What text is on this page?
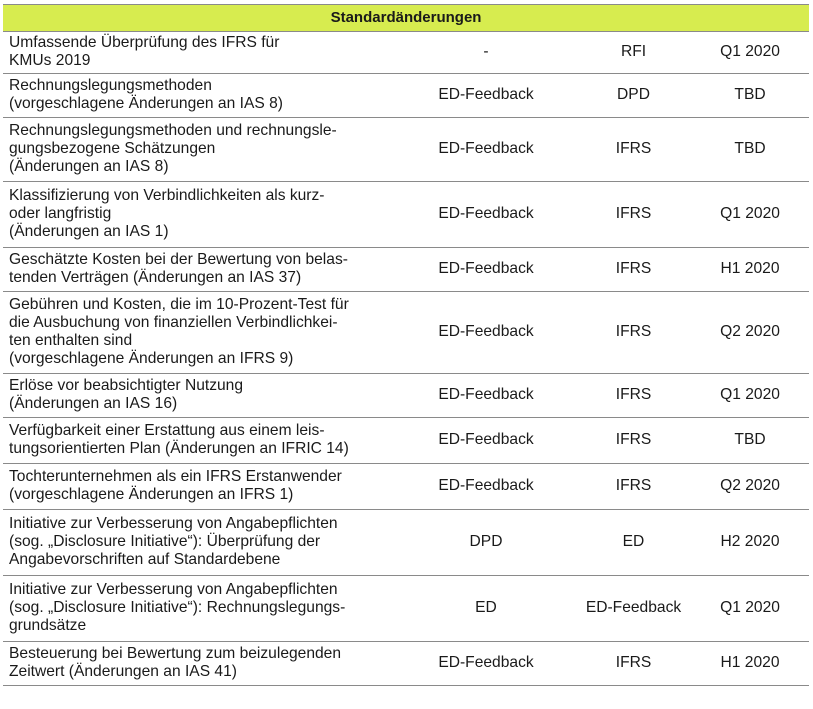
Standardänderungen			

Umfassende Überprüfung des IFRS für
KMUs 2019	-	RFI	Q1 2020

Rechnungslegungsmethoden
(vorgeschlagene Änderungen an IAS 8)	ED-Feedback	DPD	TBD

Rechnungslegungsmethoden und rechnungsle-
gungsbezogene Schätzungen
(Änderungen an IAS 8)	ED-Feedback	IFRS	TBD

Klassifizierung von Verbindlichkeiten als kurz-
oder langfristig
(Änderungen an IAS 1)	ED-Feedback	IFRS	Q1 2020

Geschätzte Kosten bei der Bewertung von belas-
tenden Verträgen (Änderungen an IAS 37)	ED-Feedback	IFRS	H1 2020

Gebühren und Kosten, die im 10-Prozent-Test für
die Ausbuchung von finanziellen Verbindlichkei-
ten enthalten sind
(vorgeschlagene Änderungen an IFRS 9)	ED-Feedback	IFRS	Q2 2020

Erlöse vor beabsichtigter Nutzung
(Änderungen an IAS 16)	ED-Feedback	IFRS	Q1 2020

Verfügbarkeit einer Erstattung aus einem leis-
tungsorientierten Plan (Änderungen an IFRIC 14)	ED-Feedback	IFRS	TBD

Tochterunternehmen als ein IFRS Erstanwender
(vorgeschlagene Änderungen an IFRS 1)	ED-Feedback	IFRS	Q2 2020

Initiative zur Verbesserung von Angabepflichten
(sog. „Disclosure Initiative“): Überprüfung der
Angabevorschriften auf Standardebene	DPD	ED	H2 2020

Initiative zur Verbesserung von Angabepflichten
(sog. „Disclosure Initiative“): Rechnungslegungs-
grundsätze	ED	ED-Feedback	Q1 2020

Besteuerung bei Bewertung zum beizulegenden
Zeitwert (Änderungen an IAS 41)	ED-Feedback	IFRS	H1 2020
